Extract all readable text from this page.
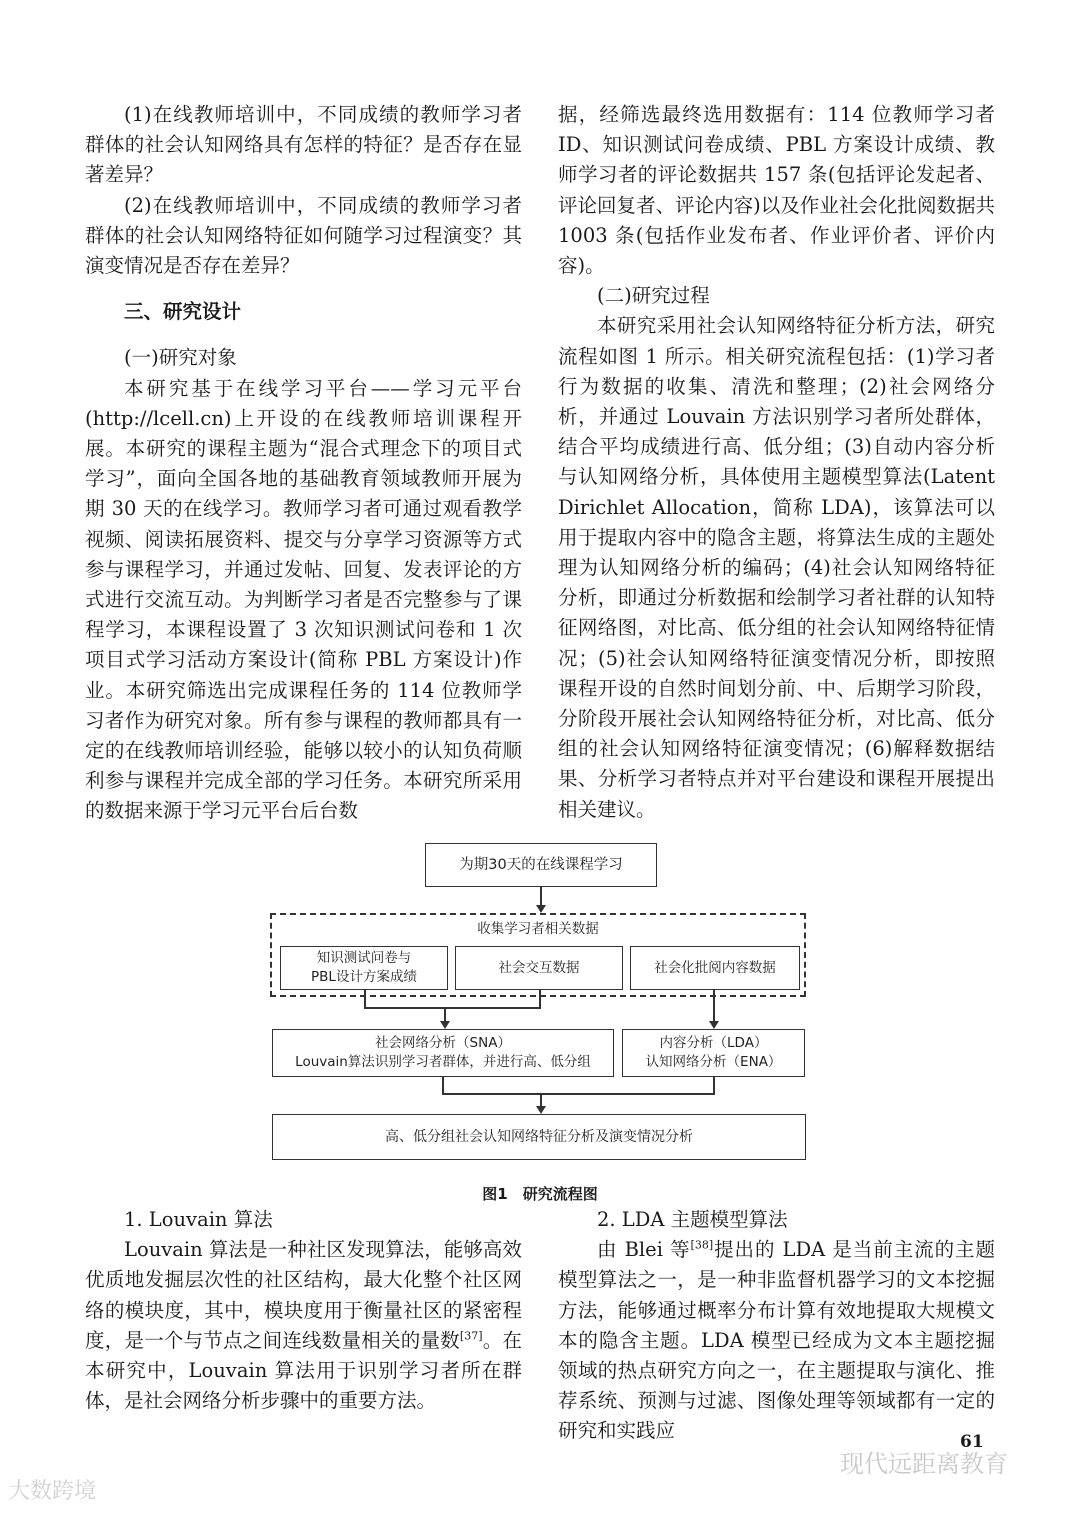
(1)在线教师培训中，不同成绩的教师学习者群体的社会认知网络具有怎样的特征？是否存在显著差异？

(2)在线教师培训中，不同成绩的教师学习者群体的社会认知网络特征如何随学习过程演变？其演变情况是否存在差异？

三、研究设计

(一)研究对象

本研究基于在线学习平台——学习元平台(http://lcell.cn)上开设的在线教师培训课程开展。本研究的课程主题为“混合式理念下的项目式学习”，面向全国各地的基础教育领域教师开展为期 30 天的在线学习。教师学习者可通过观看教学视频、阅读拓展资料、提交与分享学习资源等方式参与课程学习，并通过发帖、回复、发表评论的方式进行交流互动。为判断学习者是否完整参与了课程学习，本课程设置了 3 次知识测试问卷和 1 次项目式学习活动方案设计(简称 PBL 方案设计)作业。本研究筛选出完成课程任务的 114 位教师学习者作为研究对象。所有参与课程的教师都具有一定的在线教师培训经验，能够以较小的认知负荷顺利参与课程并完成全部的学习任务。本研究所采用的数据来源于学习元平台后台数

据，经筛选最终选用数据有：114 位教师学习者 ID、知识测试问卷成绩、PBL 方案设计成绩、教师学习者的评论数据共 157 条(包括评论发起者、评论回复者、评论内容)以及作业社会化批阅数据共 1003 条(包括作业发布者、作业评价者、评价内容)。

(二)研究过程

本研究采用社会认知网络特征分析方法，研究流程如图 1 所示。相关研究流程包括：(1)学习者行为数据的收集、清洗和整理；(2)社会网络分析，并通过 Louvain 方法识别学习者所处群体，结合平均成绩进行高、低分组；(3)自动内容分析与认知网络分析，具体使用主题模型算法(Latent Dirichlet Allocation，简称 LDA)，该算法可以用于提取内容中的隐含主题，将算法生成的主题处理为认知网络分析的编码；(4)社会认知网络特征分析，即通过分析数据和绘制学习者社群的认知特征网络图，对比高、低分组的社会认知网络特征情况；(5)社会认知网络特征演变情况分析，即按照课程开设的自然时间划分前、中、后期学习阶段，分阶段开展社会认知网络特征分析，对比高、低分组的社会认知网络特征演变情况；(6)解释数据结果、分析学习者特点并对平台建设和课程开展提出相关建议。

为期30天的在线课程学习
收集学习者相关数据
知识测试问卷与
PBL设计方案成绩
社会交互数据	社会化批阅内容数据
社会网络分析（SNA）
Louvain算法识别学习者群体，并进行高、低分组
内容分析（LDA）
认知网络分析（ENA）
高、低分组社会认知网络特征分析及演变情况分析
图1　研究流程图

1. Louvain 算法

Louvain 算法是一种社区发现算法，能够高效优质地发掘层次性的社区结构，最大化整个社区网络的模块度，其中，模块度用于衡量社区的紧密程度，是一个与节点之间连线数量相关的量数[37]。在本研究中，Louvain 算法用于识别学习者所在群体，是社会网络分析步骤中的重要方法。

2. LDA 主题模型算法

由 Blei 等[38]提出的 LDA 是当前主流的主题模型算法之一，是一种非监督机器学习的文本挖掘方法，能够通过概率分布计算有效地提取大规模文本的隐含主题。LDA 模型已经成为文本主题挖掘领域的热点研究方向之一，在主题提取与演化、推荐系统、预测与过滤、图像处理等领域都有一定的研究和实践应	61
大数跨境
现代远距离教育
